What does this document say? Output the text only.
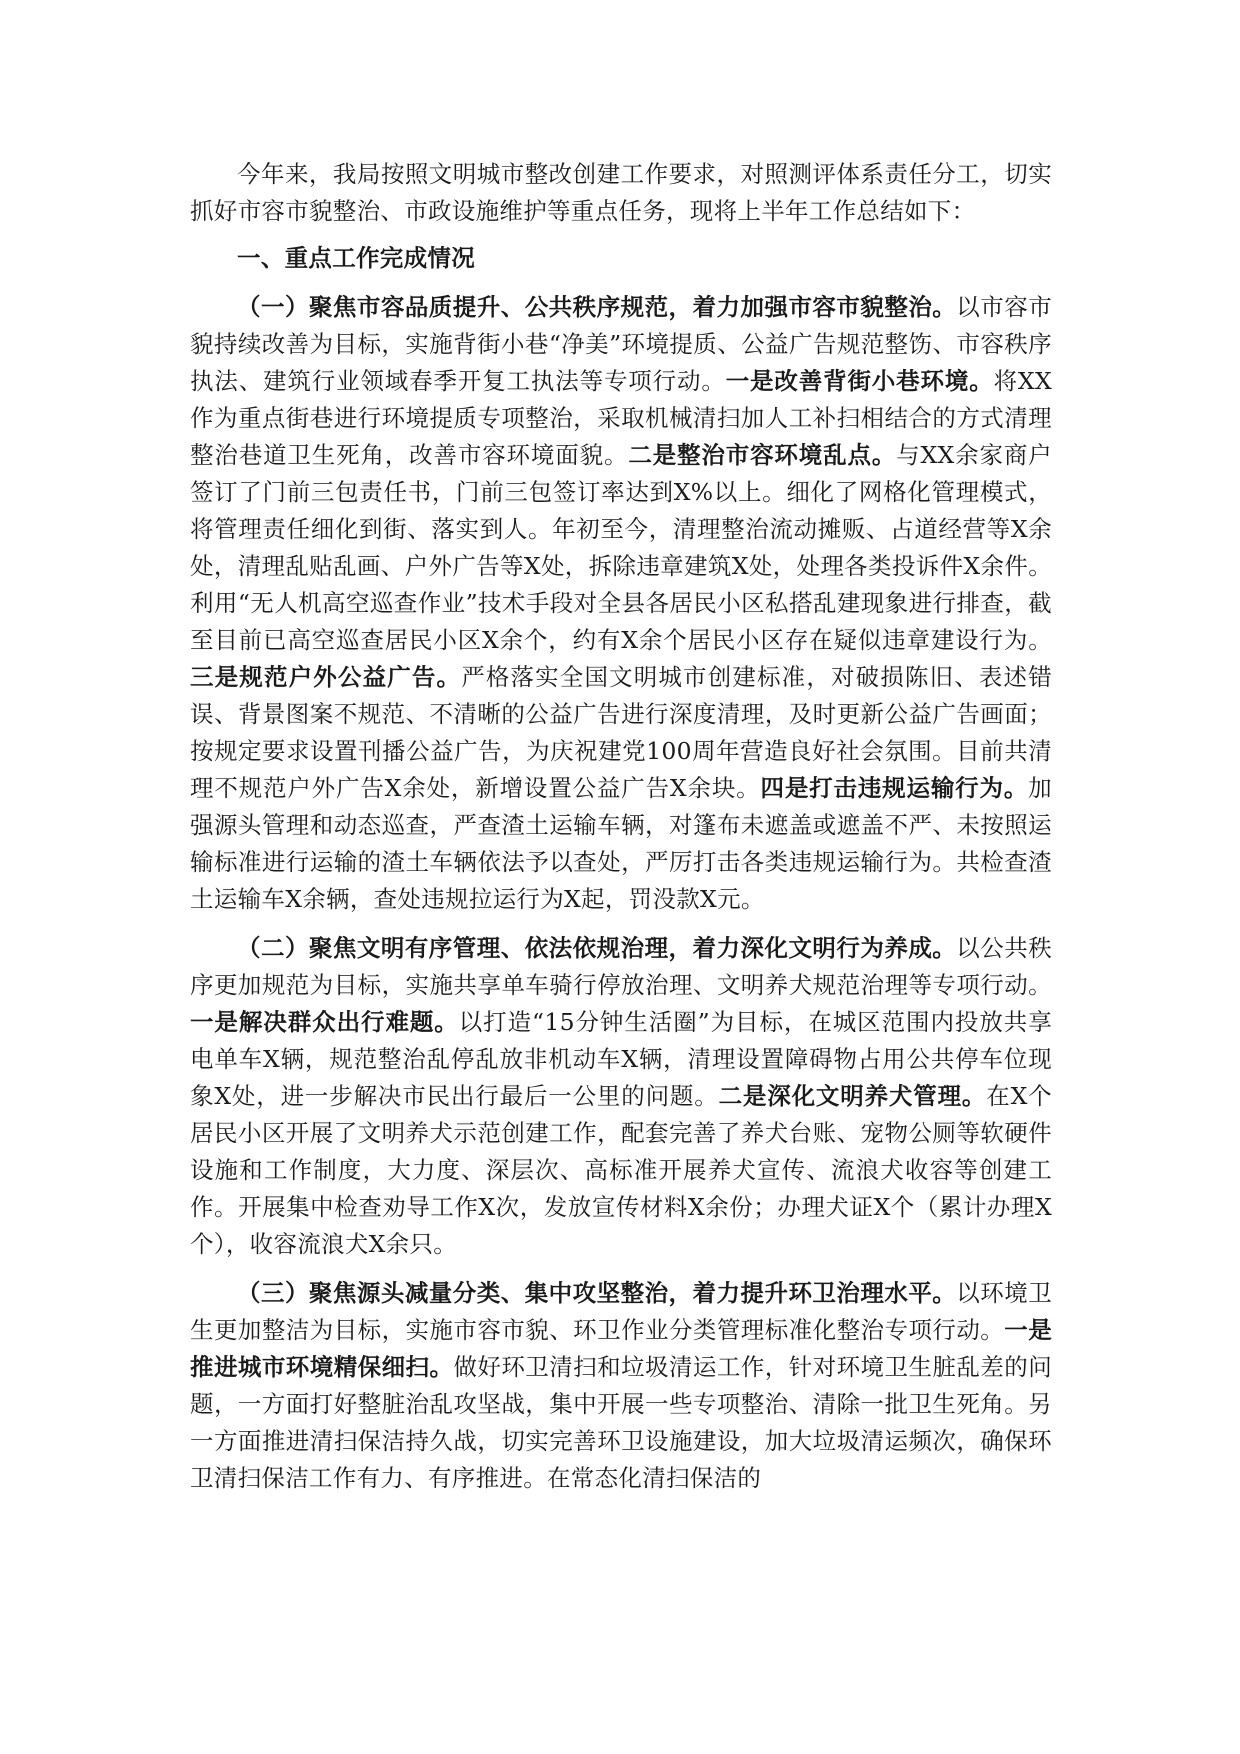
今年来，我局按照文明城市整改创建工作要求，对照测评体系责任分工，切实抓好市容市貌整治、市政设施维护等重点任务，现将上半年工作总结如下：

一、重点工作完成情况

（一）聚焦市容品质提升、公共秩序规范，着力加强市容市貌整治。以市容市貌持续改善为目标，实施背街小巷“净美”环境提质、公益广告规范整饬、市容秩序执法、建筑行业领域春季开复工执法等专项行动。一是改善背街小巷环境。将XX作为重点街巷进行环境提质专项整治，采取机械清扫加人工补扫相结合的方式清理整治巷道卫生死角，改善市容环境面貌。二是整治市容环境乱点。与XX余家商户签订了门前三包责任书，门前三包签订率达到X%以上。细化了网格化管理模式，将管理责任细化到街、落实到人。年初至今，清理整治流动摊贩、占道经营等X余处，清理乱贴乱画、户外广告等X处，拆除违章建筑X处，处理各类投诉件X余件。利用“无人机高空巡查作业”技术手段对全县各居民小区私搭乱建现象进行排查，截至目前已高空巡查居民小区X余个，约有X余个居民小区存在疑似违章建设行为。三是规范户外公益广告。严格落实全国文明城市创建标准，对破损陈旧、表述错误、背景图案不规范、不清晰的公益广告进行深度清理，及时更新公益广告画面；按规定要求设置刊播公益广告，为庆祝建党100周年营造良好社会氛围。目前共清理不规范户外广告X余处，新增设置公益广告X余块。四是打击违规运输行为。加强源头管理和动态巡查，严查渣土运输车辆，对篷布未遮盖或遮盖不严、未按照运输标准进行运输的渣土车辆依法予以查处，严厉打击各类违规运输行为。共检查渣土运输车X余辆，查处违规拉运行为X起，罚没款X元。

（二）聚焦文明有序管理、依法依规治理，着力深化文明行为养成。以公共秩序更加规范为目标，实施共享单车骑行停放治理、文明养犬规范治理等专项行动。一是解决群众出行难题。以打造“15分钟生活圈”为目标，在城区范围内投放共享电单车X辆，规范整治乱停乱放非机动车X辆，清理设置障碍物占用公共停车位现象X处，进一步解决市民出行最后一公里的问题。二是深化文明养犬管理。在X个居民小区开展了文明养犬示范创建工作，配套完善了养犬台账、宠物公厕等软硬件设施和工作制度，大力度、深层次、高标准开展养犬宣传、流浪犬收容等创建工作。开展集中检查劝导工作X次，发放宣传材料X余份；办理犬证X个（累计办理X个），收容流浪犬X余只。

（三）聚焦源头减量分类、集中攻坚整治，着力提升环卫治理水平。以环境卫生更加整洁为目标，实施市容市貌、环卫作业分类管理标准化整治专项行动。一是推进城市环境精保细扫。做好环卫清扫和垃圾清运工作，针对环境卫生脏乱差的问题，一方面打好整脏治乱攻坚战，集中开展一些专项整治、清除一批卫生死角。另一方面推进清扫保洁持久战，切实完善环卫设施建设，加大垃圾清运频次，确保环卫清扫保洁工作有力、有序推进。在常态化清扫保洁的
